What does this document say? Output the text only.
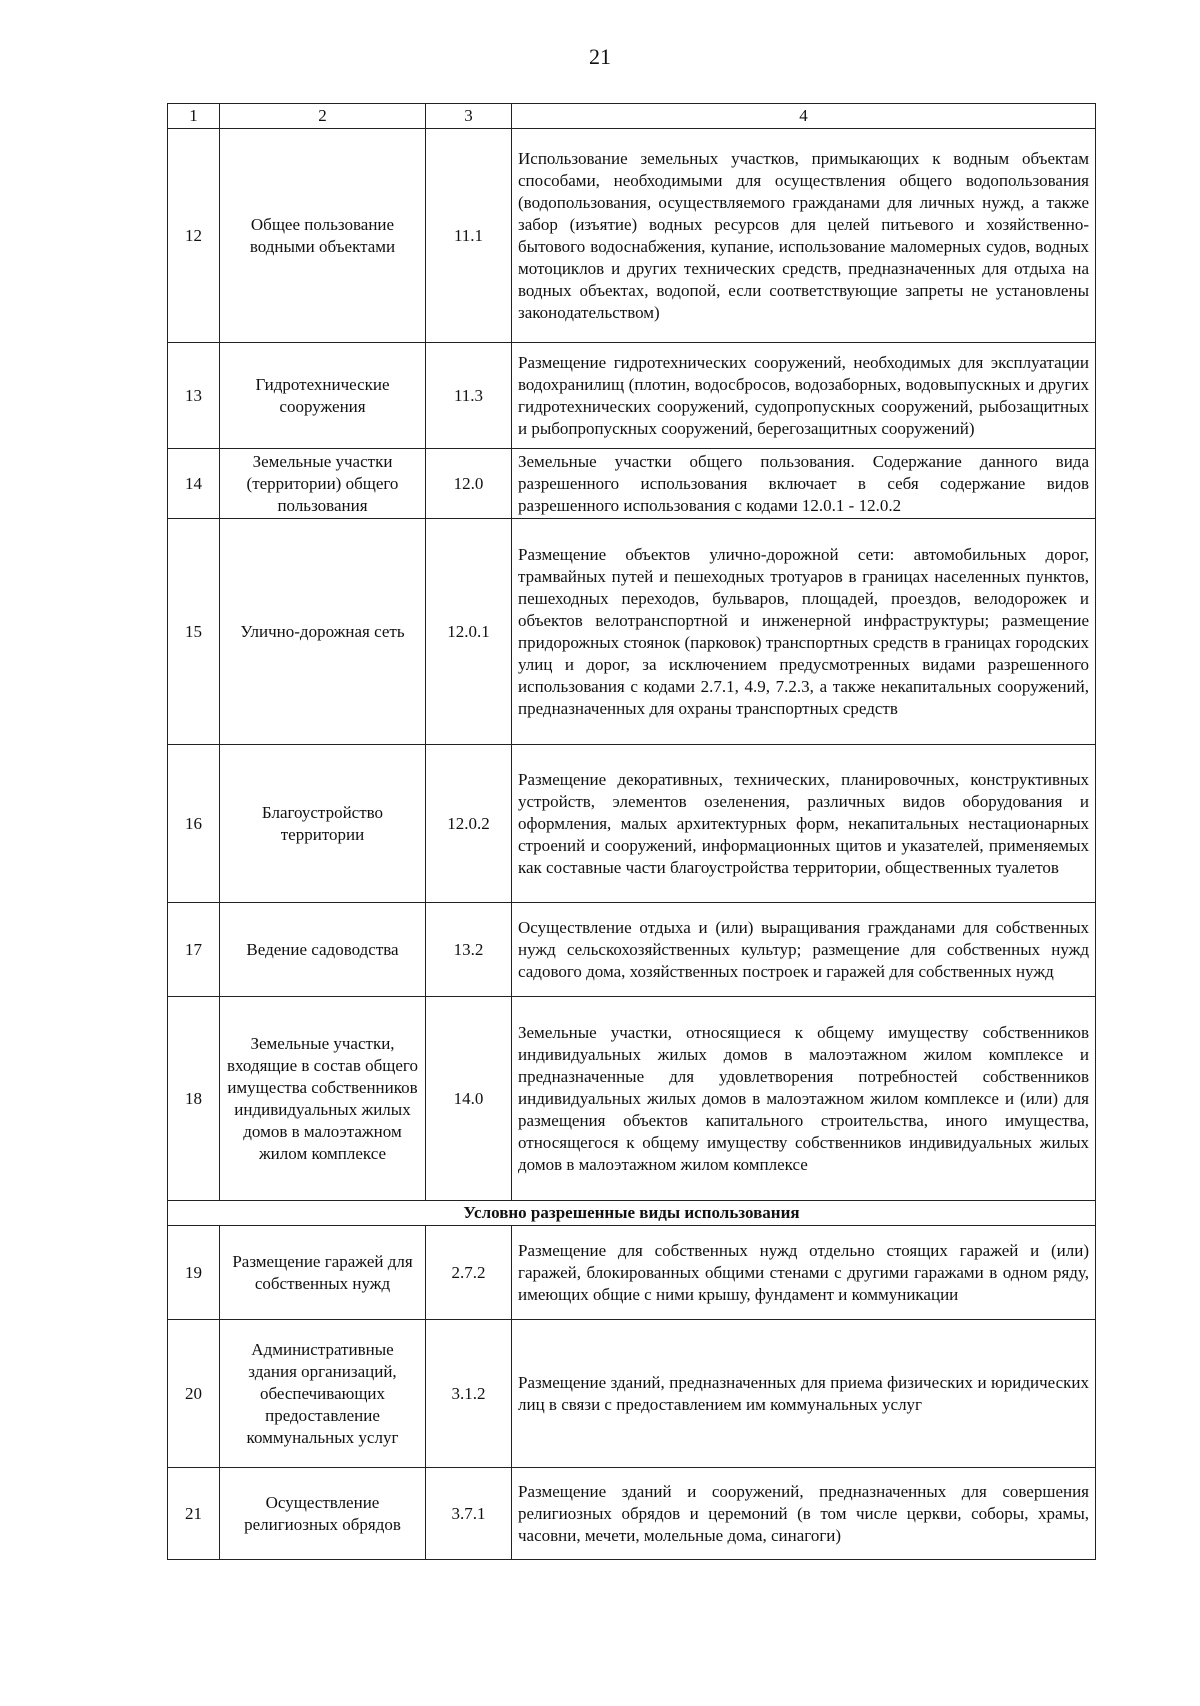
21
1	2	3	4
12	Общее пользование водными объектами	11.1	Использование земельных участков, примыкающих к водным объектам способами, необходимыми для осуществления общего водопользования (водопользования, осуществляемого гражданами для личных нужд, а также забор (изъятие) водных ресурсов для целей питьевого и хозяйственно-бытового водоснабжения, купание, использование маломерных судов, водных мотоциклов и других технических средств, предназначенных для отдыха на водных объектах, водопой, если соответствующие запреты не установлены законодательством)
13	Гидротехнические сооружения	11.3	Размещение гидротехнических сооружений, необходимых для эксплуатации водохранилищ (плотин, водосбросов, водозаборных, водовыпускных и других гидротехнических сооружений, судопропускных сооружений, рыбозащитных и рыбопропускных сооружений, берегозащитных сооружений)
14	Земельные участки (территории) общего пользования	12.0	Земельные участки общего пользования. Содержание данного вида разрешенного использования включает в себя содержание видов разрешенного использования с кодами 12.0.1 - 12.0.2
15	Улично-дорожная сеть	12.0.1	Размещение объектов улично-дорожной сети: автомобильных дорог, трамвайных путей и пешеходных тротуаров в границах населенных пунктов, пешеходных переходов, бульваров, площадей, проездов, велодорожек и объектов велотранспортной и инженерной инфраструктуры; размещение придорожных стоянок (парковок) транспортных средств в границах городских улиц и дорог, за исключением предусмотренных видами разрешенного использования с кодами 2.7.1, 4.9, 7.2.3, а также некапитальных сооружений, предназначенных для охраны транспортных средств
16	Благоустройство территории	12.0.2	Размещение декоративных, технических, планировочных, конструктивных устройств, элементов озеленения, различных видов оборудования и оформления, малых архитектурных форм, некапитальных нестационарных строений и сооружений, информационных щитов и указателей, применяемых как составные части благоустройства территории, общественных туалетов
17	Ведение садоводства	13.2	Осуществление отдыха и (или) выращивания гражданами для собственных нужд сельскохозяйственных культур; размещение для собственных нужд садового дома, хозяйственных построек и гаражей для собственных нужд
18	Земельные участки, входящие в состав общего имущества собственников индивидуальных жилых домов в малоэтажном жилом комплексе	14.0	Земельные участки, относящиеся к общему имуществу собственников индивидуальных жилых домов в малоэтажном жилом комплексе и предназначенные для удовлетворения потребностей собственников индивидуальных жилых домов в малоэтажном жилом комплексе и (или) для размещения объектов капитального строительства, иного имущества, относящегося к общему имуществу собственников индивидуальных жилых домов в малоэтажном жилом комплексе
Условно разрешенные виды использования			
19	Размещение гаражей для собственных нужд	2.7.2	Размещение для собственных нужд отдельно стоящих гаражей и (или) гаражей, блокированных общими стенами с другими гаражами в одном ряду, имеющих общие с ними крышу, фундамент и коммуникации
20	Административные здания организаций, обеспечивающих предоставление коммунальных услуг	3.1.2	Размещение зданий, предназначенных для приема физических и юридических лиц в связи с предоставлением им коммунальных услуг
21	Осуществление религиозных обрядов	3.7.1	Размещение зданий и сооружений, предназначенных для совершения религиозных обрядов и церемоний (в том числе церкви, соборы, храмы, часовни, мечети, молельные дома, синагоги)
